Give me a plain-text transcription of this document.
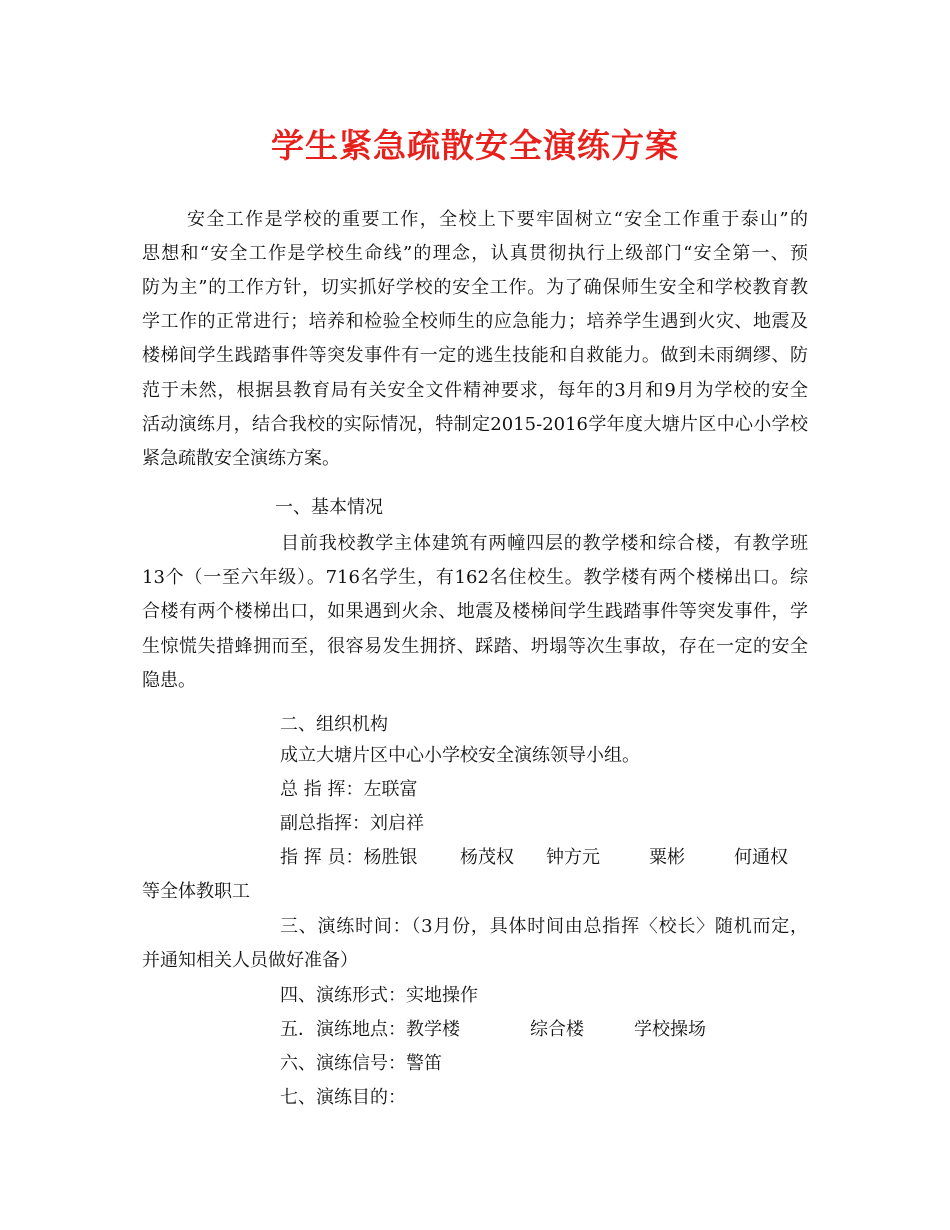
学生紧急疏散安全演练方案
安全工作是学校的重要工作，全校上下要牢固树立“安全工作重于泰山”的
思想和“安全工作是学校生命线”的理念，认真贯彻执行上级部门“安全第一、预
防为主”的工作方针，切实抓好学校的安全工作。为了确保师生安全和学校教育教
学工作的正常进行；培养和检验全校师生的应急能力；培养学生遇到火灾、地震及
楼梯间学生践踏事件等突发事件有一定的逃生技能和自救能力。做到未雨绸缪、防
范于未然，根据县教育局有关安全文件精神要求，每年的3月和9月为学校的安全
活动演练月，结合我校的实际情况，特制定2015-2016学年度大塘片区中心小学校
紧急疏散安全演练方案。
一、基本情况
目前我校教学主体建筑有两幢四层的教学楼和综合楼，有教学班
13个（一至六年级）。716名学生，有162名住校生。教学楼有两个楼梯出口。综
合楼有两个楼梯出口，如果遇到火余、地震及楼梯间学生践踏事件等突发事件，学
生惊慌失措蜂拥而至，很容易发生拥挤、踩踏、坍塌等次生事故，存在一定的安全
隐患。
二、组织机构
成立大塘片区中心小学校安全演练领导小组。
总 指 挥：左联富
副总指挥：刘启祥
指 挥 员：杨胜银 杨茂权 钟方元	粟彬	何通权
等全体教职工
三、演练时间：（3月份，具体时间由总指挥〈校长〉随机而定，
并通知相关人员做好准备）
四、演练形式：实地操作
五．演练地点：教学楼	综合楼	学校操场
六、演练信号：警笛
七、演练目的：
